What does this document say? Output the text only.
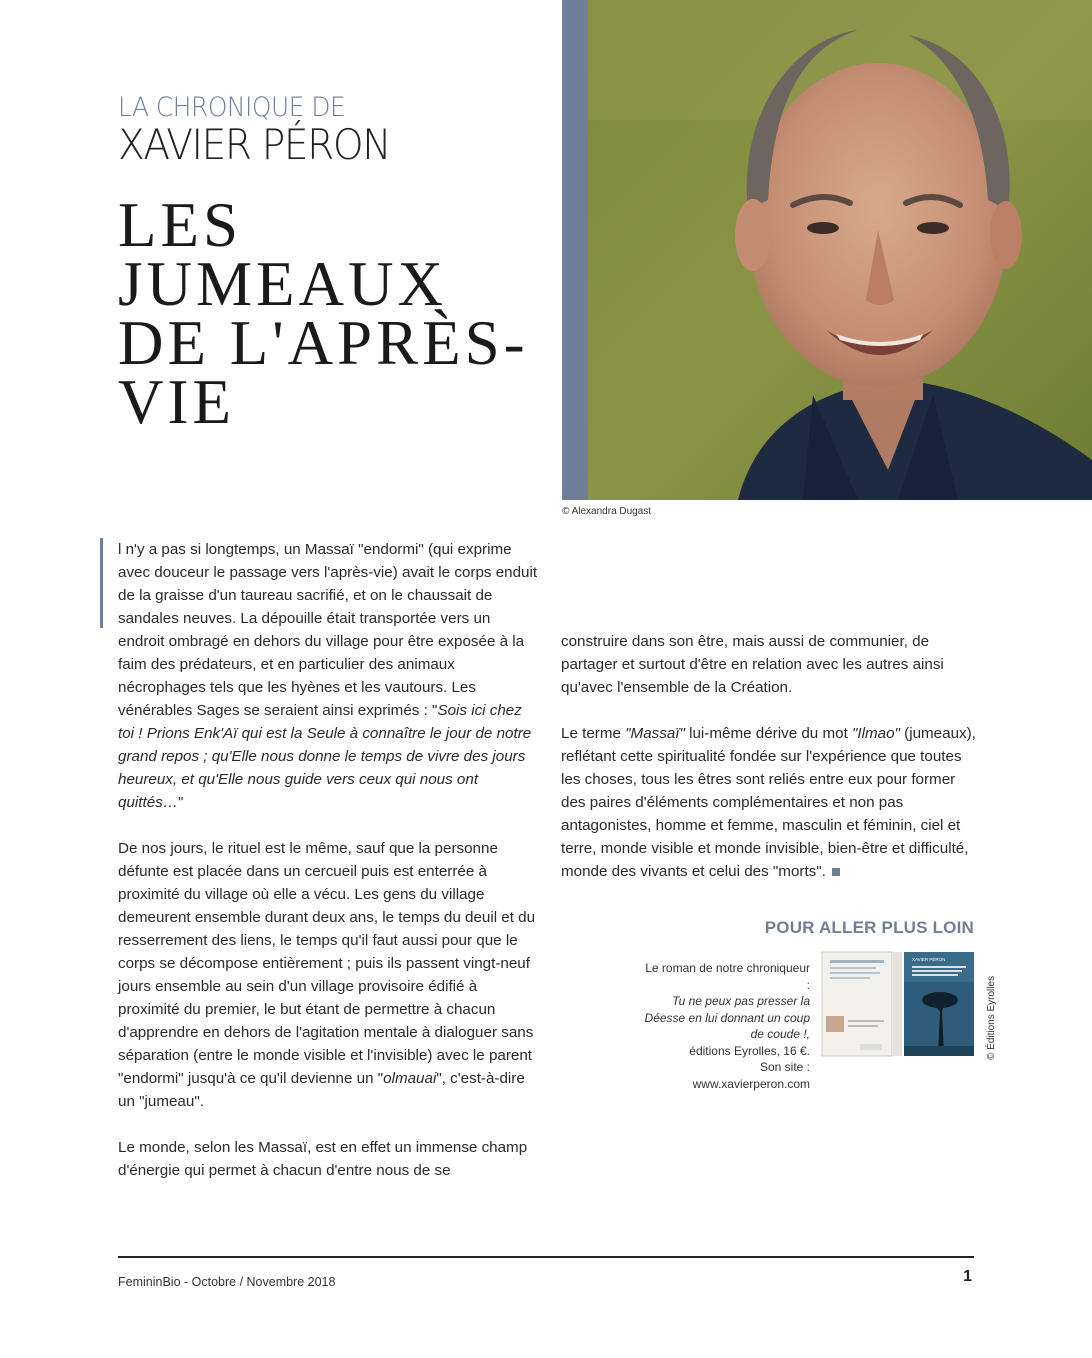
LA CHRONIQUE DE
XAVIER PÉRON
LES
JUMEAUX
DE L'APRÈS-
VIE
© Alexandra Dugast

l n'y a pas si longtemps, un Massaï "endormi" (qui exprime avec douceur le passage vers l'après-vie) avait le corps enduit de la graisse d'un taureau sacrifié, et on le chaussait de sandales neuves. La dépouille était transportée vers un endroit ombragé en dehors du village pour être exposée à la faim des prédateurs, et en particulier des animaux nécrophages tels que les hyènes et les vautours. Les vénérables Sages se seraient ainsi exprimés : "Sois ici chez toi ! Prions Enk'Aï qui est la Seule à connaître le jour de notre grand repos ; qu'Elle nous donne le temps de vivre des jours heureux, et qu'Elle nous guide vers ceux qui nous ont quittés…"

De nos jours, le rituel est le même, sauf que la personne défunte est placée dans un cercueil puis est enterrée à proximité du village où elle a vécu. Les gens du village demeurent ensemble durant deux ans, le temps du deuil et du resserrement des liens, le temps qu'il faut aussi pour que le corps se décompose entièrement ; puis ils passent vingt-neuf jours ensemble au sein d'un village provisoire édifié à proximité du premier, le but étant de permettre à chacun d'apprendre en dehors de l'agitation mentale à dialoguer sans séparation (entre le monde visible et l'invisible) avec le parent "endormi" jusqu'à ce qu'il devienne un "olmauai", c'est-à-dire un "jumeau".

Le monde, selon les Massaï, est en effet un immense champ d'énergie qui permet à chacun d'entre nous de se

construire dans son être, mais aussi de communier, de partager et surtout d'être en relation avec les autres ainsi qu'avec l'ensemble de la Création.

Le terme "Massaï" lui-même dérive du mot "Ilmao" (jumeaux), reflétant cette spiritualité fondée sur l'expérience que toutes les choses, tous les êtres sont reliés entre eux pour former des paires d'éléments complémentaires et non pas antagonistes, homme et femme, masculin et féminin, ciel et terre, monde visible et monde invisible, bien-être et difficulté, monde des vivants et celui des "morts".

POUR ALLER PLUS LOIN
Le roman de notre chroniqueur :
Tu ne peux pas presser la Déesse en lui donnant un coup de coude !,
éditions Eyrolles, 16 €.
Son site :
www.xavierperon.com
XAVIER PÉRON
© Éditions Eyrolles
FemininBio - Octobre / Novembre 2018	1
